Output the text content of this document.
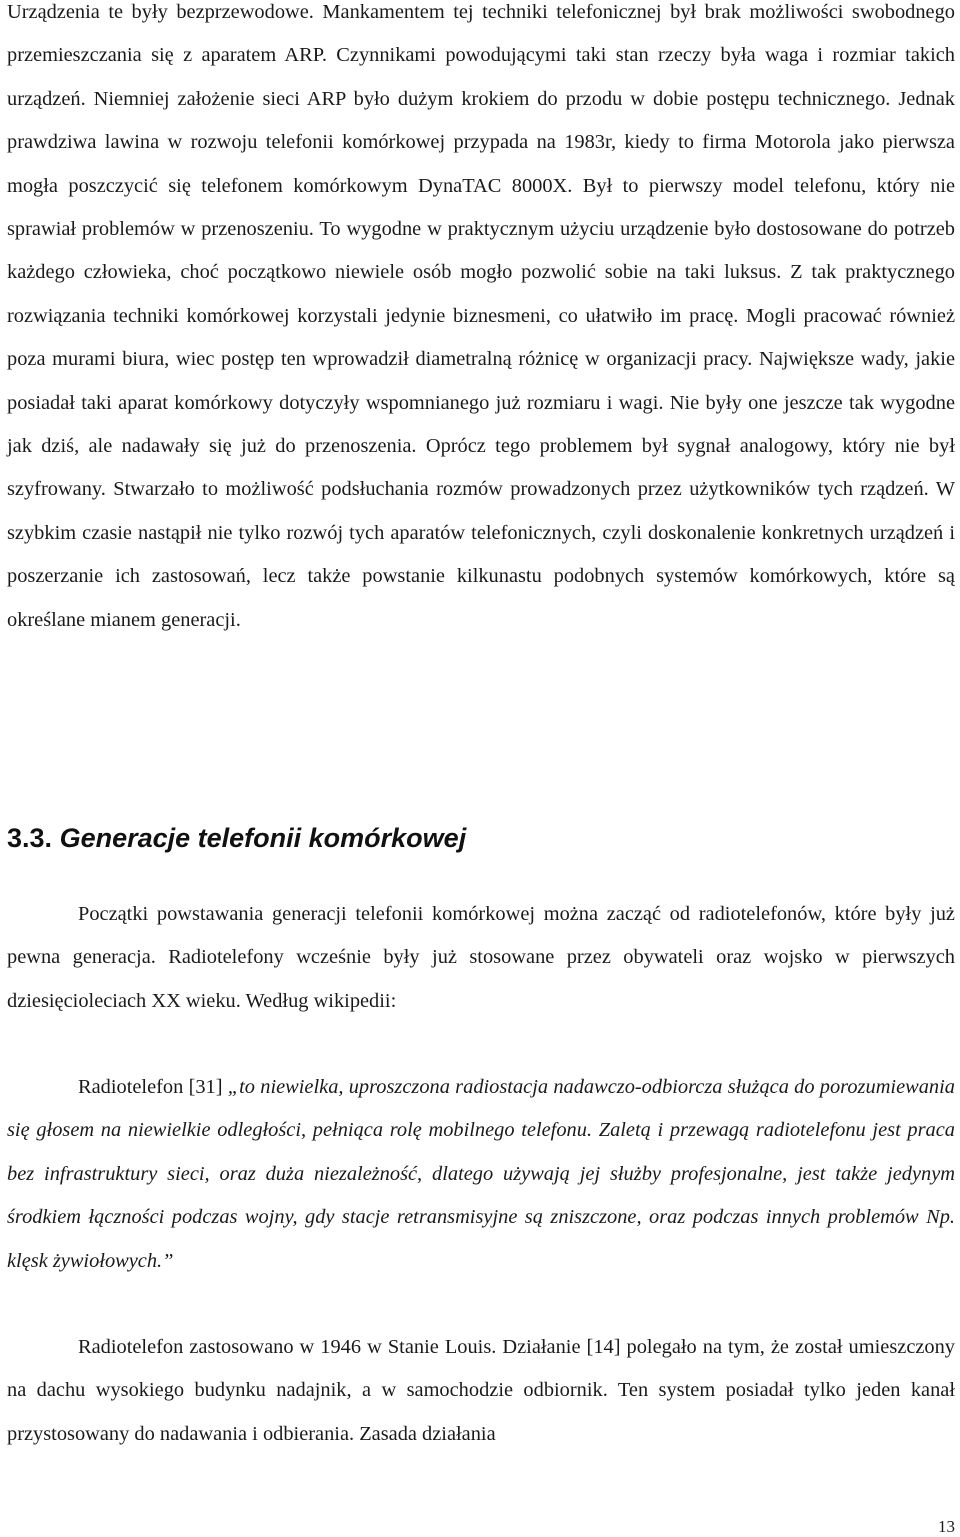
Urządzenia te były bezprzewodowe. Mankamentem tej techniki telefonicznej był brak możliwości swobodnego przemieszczania się z aparatem ARP. Czynnikami powodującymi taki stan rzeczy była waga i rozmiar takich urządzeń. Niemniej założenie sieci ARP było dużym krokiem do przodu w dobie postępu technicznego. Jednak prawdziwa lawina w rozwoju telefonii komórkowej przypada na 1983r, kiedy to firma Motorola jako pierwsza mogła poszczycić się telefonem komórkowym DynaTAC 8000X. Był to pierwszy model telefonu, który nie sprawiał problemów w przenoszeniu. To wygodne w praktycznym użyciu urządzenie było dostosowane do potrzeb każdego człowieka, choć początkowo niewiele osób mogło pozwolić sobie na taki luksus. Z tak praktycznego rozwiązania techniki komórkowej korzystali jedynie biznesmeni, co ułatwiło im pracę. Mogli pracować również poza murami biura, wiec postęp ten wprowadził diametralną różnicę w organizacji pracy. Największe wady, jakie posiadał taki aparat komórkowy dotyczyły wspomnianego już rozmiaru i wagi. Nie były one jeszcze tak wygodne jak dziś, ale nadawały się już do przenoszenia. Oprócz tego problemem był sygnał analogowy, który nie był szyfrowany. Stwarzało to możliwość podsłuchania rozmów prowadzonych przez użytkowników tych rządzeń. W szybkim czasie nastąpił nie tylko rozwój tych aparatów telefonicznych, czyli doskonalenie konkretnych urządzeń i poszerzanie ich zastosowań, lecz także powstanie kilkunastu podobnych systemów komórkowych, które są określane mianem generacji.

3.3. Generacje telefonii komórkowej

Początki powstawania generacji telefonii komórkowej można zacząć od radiotelefonów, które były już pewna generacja. Radiotelefony wcześnie były już stosowane przez obywateli oraz wojsko w pierwszych dziesięcioleciach XX wieku. Według wikipedii:

Radiotelefon [31] „to niewielka, uproszczona radiostacja nadawczo-odbiorcza służąca do porozumiewania się głosem na niewielkie odległości, pełniąca rolę mobilnego telefonu. Zaletą i przewagą radiotelefonu jest praca bez infrastruktury sieci, oraz duża niezależność, dlatego używają jej służby profesjonalne, jest także jedynym środkiem łączności podczas wojny, gdy stacje retransmisyjne są zniszczone, oraz podczas innych problemów Np. klęsk żywiołowych.”

Radiotelefon zastosowano w 1946 w Stanie Louis. Działanie [14] polegało na tym, że został umieszczony na dachu wysokiego budynku nadajnik, a w samochodzie odbiornik. Ten system posiadał tylko jeden kanał przystosowany do nadawania i odbierania. Zasada działania

13
